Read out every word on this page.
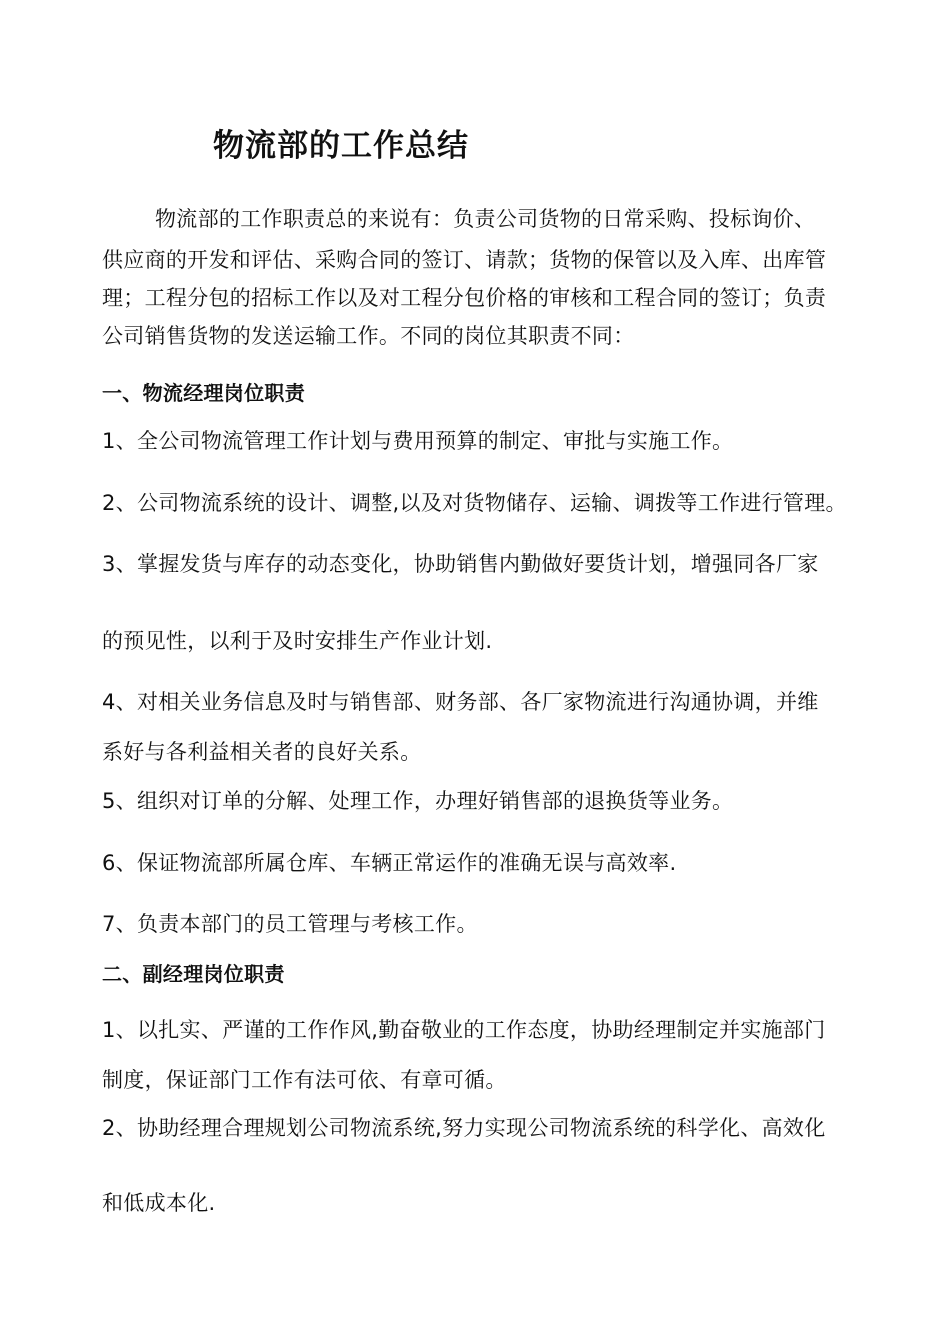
物流部的工作总结
物流部的工作职责总的来说有：负责公司货物的日常采购、投标询价、
供应商的开发和评估、采购合同的签订、请款；货物的保管以及入库、出库管
理；工程分包的招标工作以及对工程分包价格的审核和工程合同的签订；负责
公司销售货物的发送运输工作。不同的岗位其职责不同：
一、物流经理岗位职责
1、全公司物流管理工作计划与费用预算的制定、审批与实施工作。
2、公司物流系统的设计、调整,以及对货物储存、运输、调拨等工作进行管理。
3、掌握发货与库存的动态变化，协助销售内勤做好要货计划，增强同各厂家
的预见性，以利于及时安排生产作业计划.
4、对相关业务信息及时与销售部、财务部、各厂家物流进行沟通协调，并维
系好与各利益相关者的良好关系。
5、组织对订单的分解、处理工作，办理好销售部的退换货等业务。
6、保证物流部所属仓库、车辆正常运作的准确无误与高效率.
7、负责本部门的员工管理与考核工作。
二、副经理岗位职责
1、以扎实、严谨的工作作风,勤奋敬业的工作态度，协助经理制定并实施部门
制度，保证部门工作有法可依、有章可循。
2、协助经理合理规划公司物流系统,努力实现公司物流系统的科学化、高效化
和低成本化.
